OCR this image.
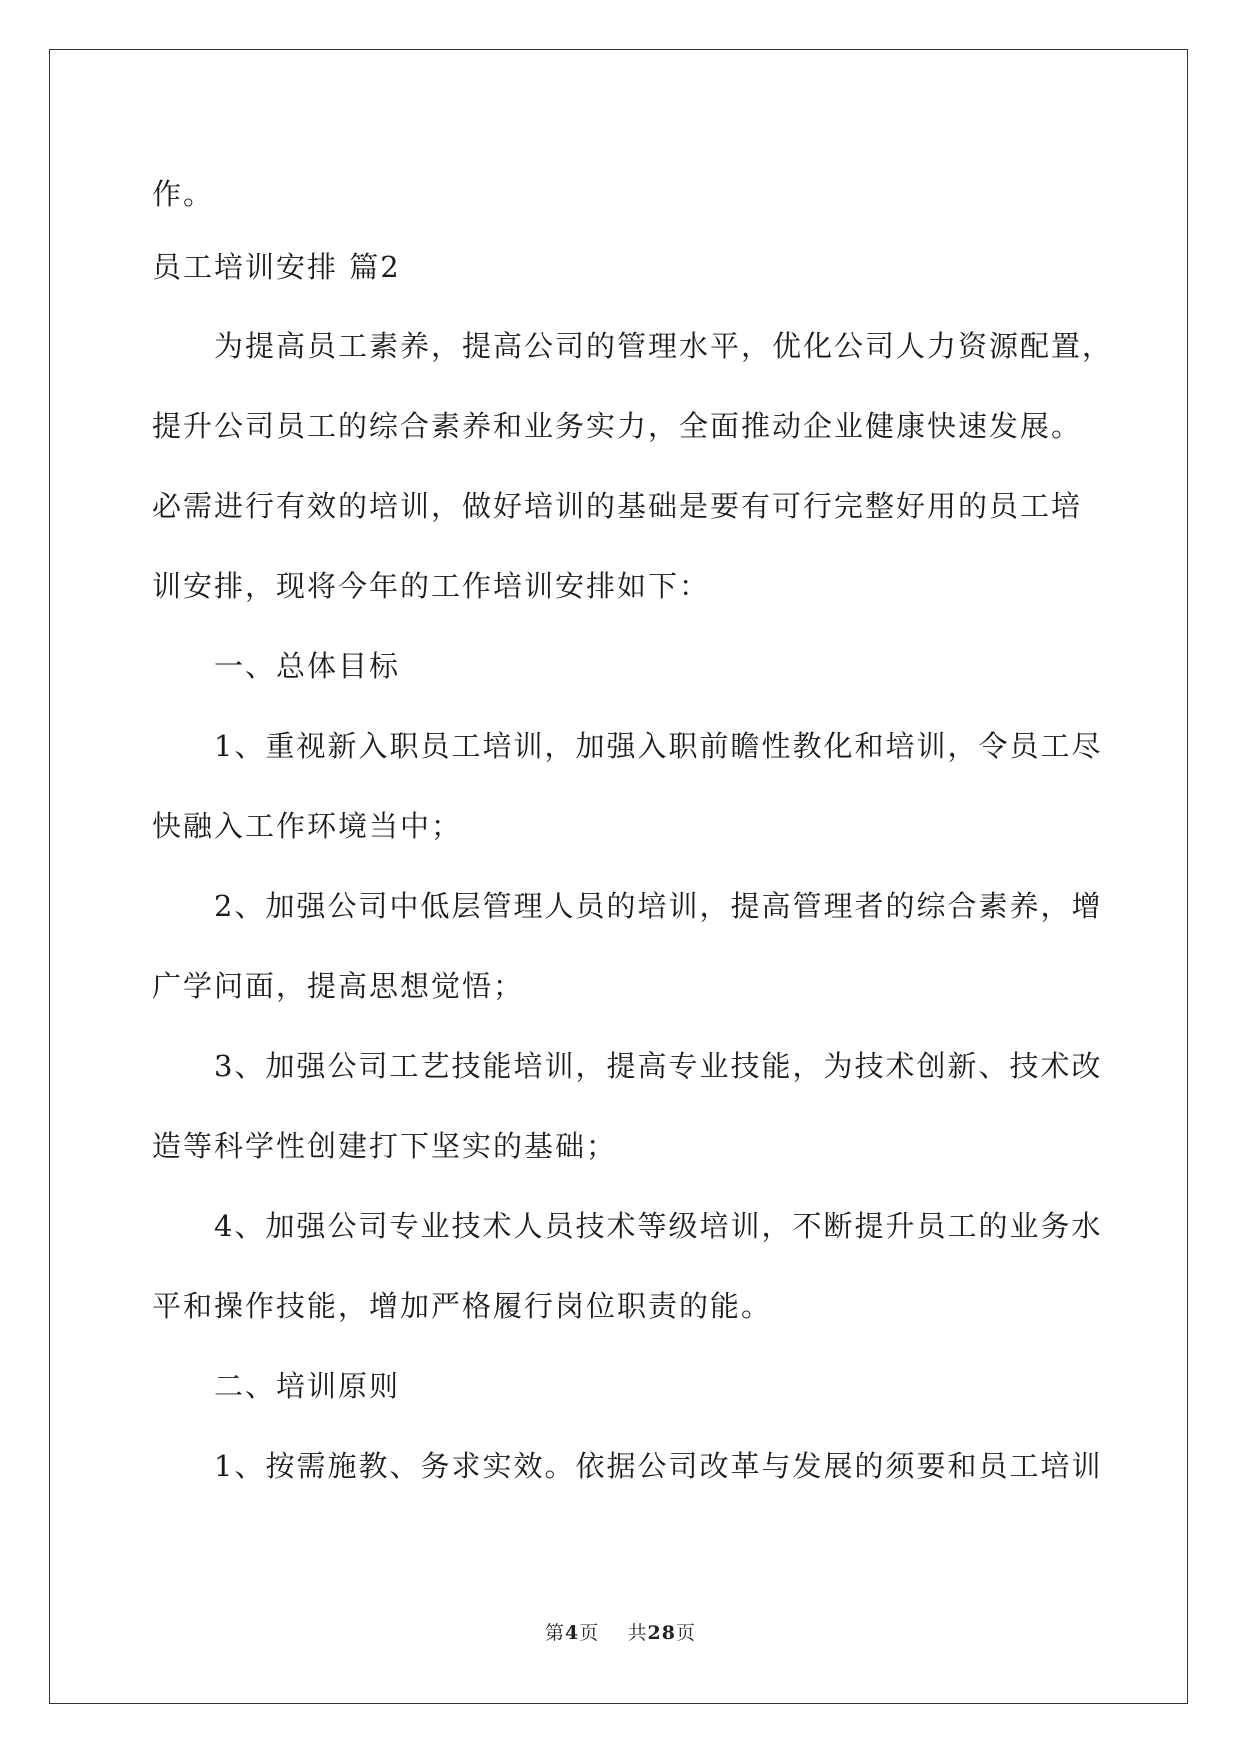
作。
员工培训安排 篇2
为提高员工素养，提高公司的管理水平，优化公司人力资源配置，
提升公司员工的综合素养和业务实力，全面推动企业健康快速发展。
必需进行有效的培训，做好培训的基础是要有可行完整好用的员工培
训安排，现将今年的工作培训安排如下：
一、总体目标
1、重视新入职员工培训，加强入职前瞻性教化和培训，令员工尽
快融入工作环境当中；
2、加强公司中低层管理人员的培训，提高管理者的综合素养，增
广学问面，提高思想觉悟；
3、加强公司工艺技能培训，提高专业技能，为技术创新、技术改
造等科学性创建打下坚实的基础；
4、加强公司专业技术人员技术等级培训，不断提升员工的业务水
平和操作技能，增加严格履行岗位职责的能。
二、培训原则
1、按需施教、务求实效。依据公司改革与发展的须要和员工培训
第4页 共28页
